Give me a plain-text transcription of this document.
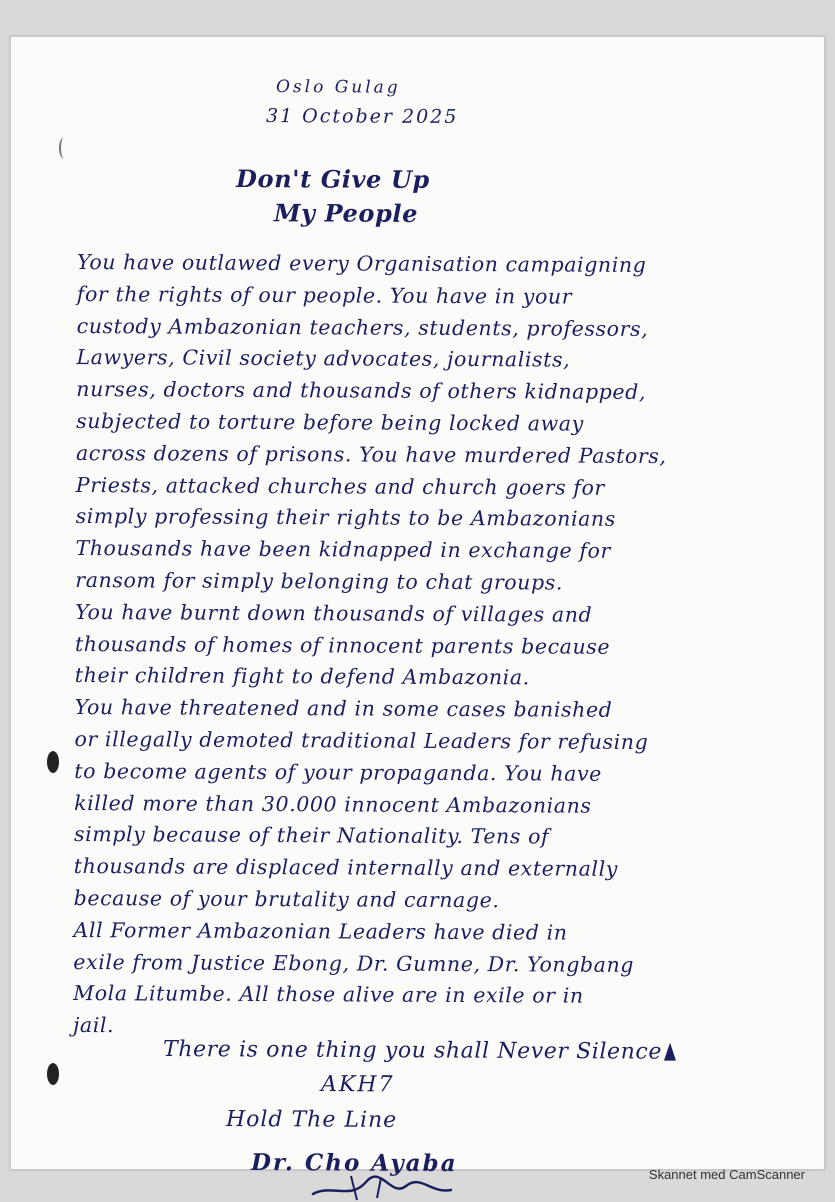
Oslo Gulag
31 October 2025
Don't Give Up
My People
You have outlawed every Organisation campaigning
for the rights of our people. You have in your
custody Ambazonian teachers, students, professors,
Lawyers, Civil society advocates, journalists,
nurses, doctors and thousands of others kidnapped,
subjected to torture before being locked away
across dozens of prisons. You have murdered Pastors,
Priests, attacked churches and church goers for
simply professing their rights to be Ambazonians
Thousands have been kidnapped in exchange for
ransom for simply belonging to chat groups.
You have burnt down thousands of villages and
thousands of homes of innocent parents because
their children fight to defend Ambazonia.
You have threatened and in some cases banished
or illegally demoted traditional Leaders for refusing
to become agents of your propaganda. You have
killed more than 30.000 innocent Ambazonians
simply because of their Nationality. Tens of
thousands are displaced internally and externally
because of your brutality and carnage.
All Former Ambazonian Leaders have died in
exile from Justice Ebong, Dr. Gumne, Dr. Yongbang
Mola Litumbe. All those alive are in exile or in
jail.
There is one thing you shall Never Silence
AKH7
Hold The Line
Dr. Cho Ayaba	Skannet med CamScanner
